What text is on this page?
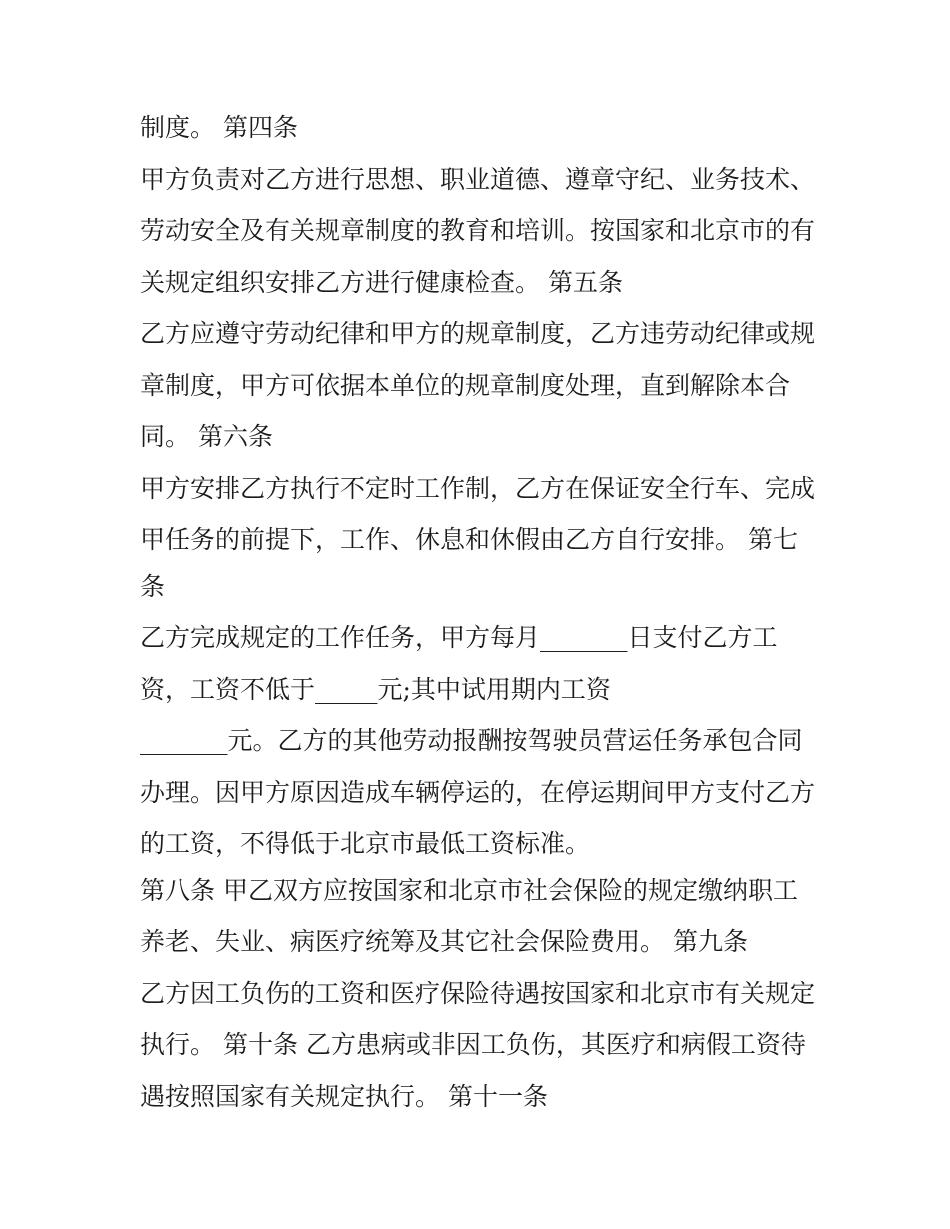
制度。 第四条

甲方负责对乙方进行思想、职业道德、遵章守纪、业务技术、

劳动安全及有关规章制度的教育和培训。按国家和北京市的有

关规定组织安排乙方进行健康检查。 第五条

乙方应遵守劳动纪律和甲方的规章制度，乙方违劳动纪律或规

章制度，甲方可依据本单位的规章制度处理，直到解除本合

同。 第六条

甲方安排乙方执行不定时工作制，乙方在保证安全行车、完成

甲任务的前提下，工作、休息和休假由乙方自行安排。 第七

条

乙方完成规定的工作任务，甲方每月_______日支付乙方工

资，工资不低于_____元;其中试用期内工资

_______元。乙方的其他劳动报酬按驾驶员营运任务承包合同

办理。因甲方原因造成车辆停运的，在停运期间甲方支付乙方

的工资，不得低于北京市最低工资标准。

第八条 甲乙双方应按国家和北京市社会保险的规定缴纳职工

养老、失业、病医疗统筹及其它社会保险费用。 第九条

乙方因工负伤的工资和医疗保险待遇按国家和北京市有关规定

执行。 第十条 乙方患病或非因工负伤，其医疗和病假工资待

遇按照国家有关规定执行。 第十一条
